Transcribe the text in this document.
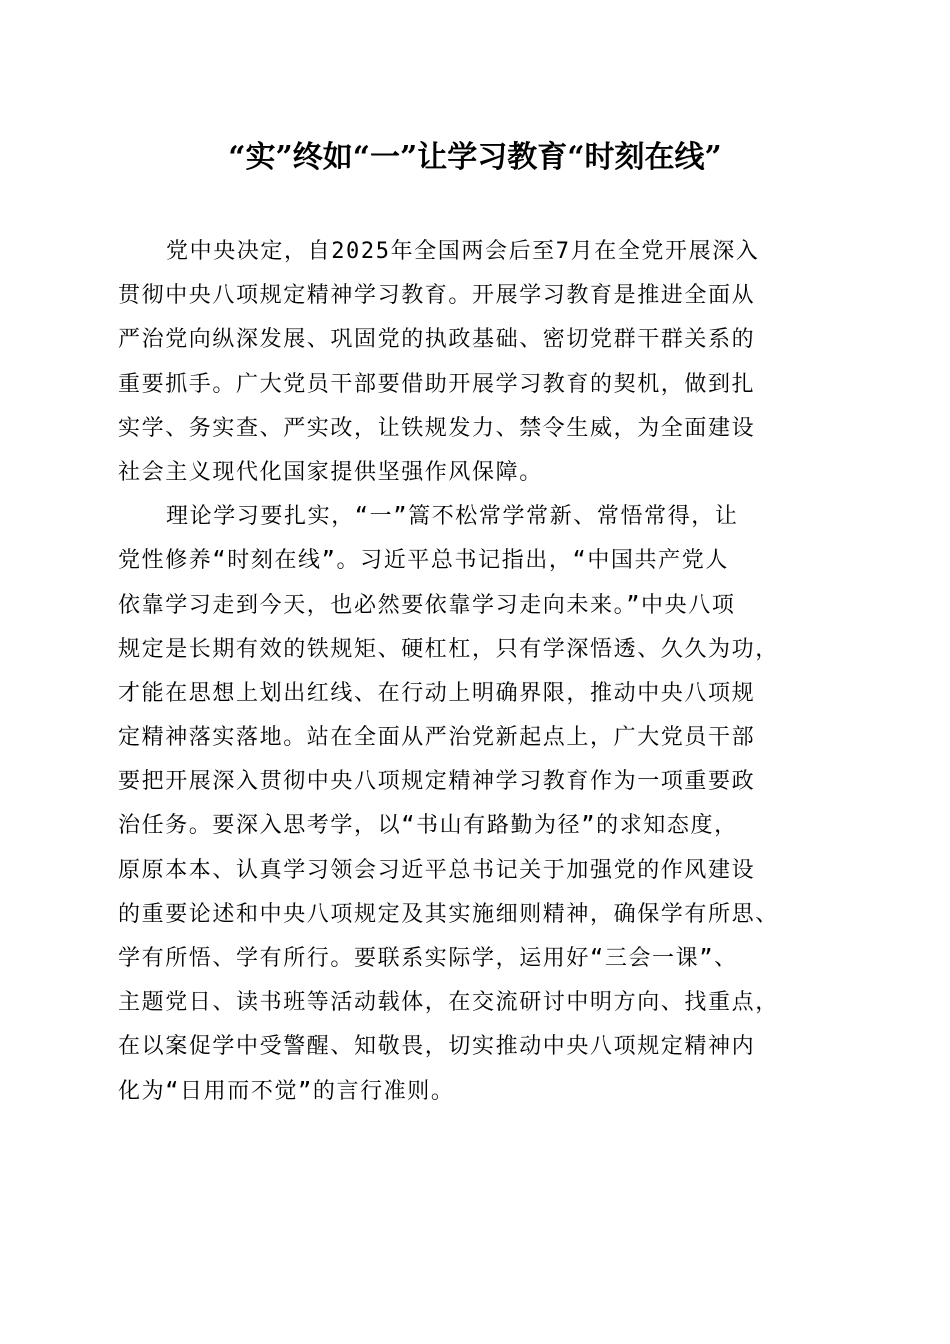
“实”终如“一”让学习教育“时刻在线”
党中央决定，自2025年全国两会后至7月在全党开展深入
贯彻中央八项规定精神学习教育。开展学习教育是推进全面从
严治党向纵深发展、巩固党的执政基础、密切党群干群关系的
重要抓手。广大党员干部要借助开展学习教育的契机，做到扎
实学、务实查、严实改，让铁规发力、禁令生威，为全面建设
社会主义现代化国家提供坚强作风保障。
理论学习要扎实，“一”篙不松常学常新、常悟常得，让
党性修养“时刻在线”。习近平总书记指出，“中国共产党人
依靠学习走到今天，也必然要依靠学习走向未来。”中央八项
规定是长期有效的铁规矩、硬杠杠，只有学深悟透、久久为功，
才能在思想上划出红线、在行动上明确界限，推动中央八项规
定精神落实落地。站在全面从严治党新起点上，广大党员干部
要把开展深入贯彻中央八项规定精神学习教育作为一项重要政
治任务。要深入思考学，以“书山有路勤为径”的求知态度，
原原本本、认真学习领会习近平总书记关于加强党的作风建设
的重要论述和中央八项规定及其实施细则精神，确保学有所思、
学有所悟、学有所行。要联系实际学，运用好“三会一课”、
主题党日、读书班等活动载体，在交流研讨中明方向、找重点，
在以案促学中受警醒、知敬畏，切实推动中央八项规定精神内
化为“日用而不觉”的言行准则。
